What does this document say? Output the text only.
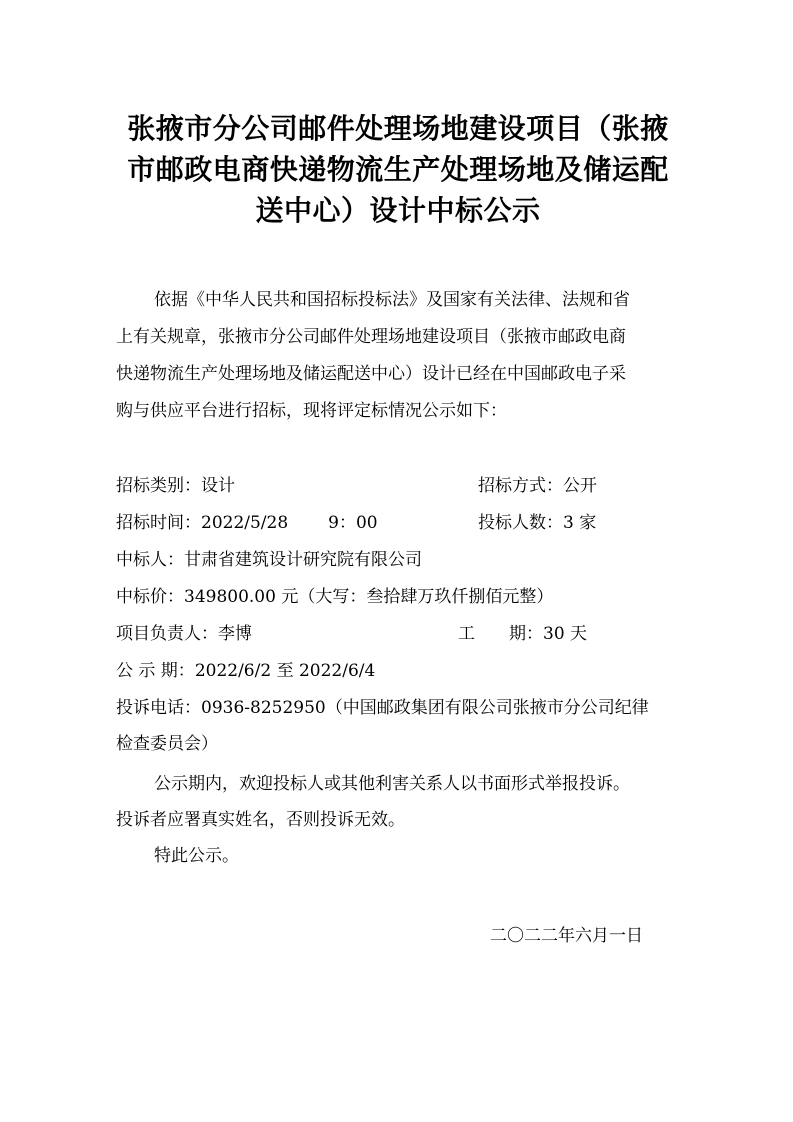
张掖市分公司邮件处理场地建设项目（张掖
市邮政电商快递物流生产处理场地及储运配
送中心）设计中标公示
依据《中华人民共和国招标投标法》及国家有关法律、法规和省
上有关规章，张掖市分公司邮件处理场地建设项目（张掖市邮政电商
快递物流生产处理场地及储运配送中心）设计已经在中国邮政电子采
购与供应平台进行招标，现将评定标情况公示如下：
招标类别：设计	招标方式：公开
招标时间：2022/5/28 9：00	投标人数：3 家
中标人：甘肃省建筑设计研究院有限公司
中标价：349800.00 元（大写：叁拾肆万玖仟捌佰元整）
项目负责人：李博	工　　期：30 天
公 示 期：2022/6/2 至 2022/6/4
投诉电话：0936-8252950（中国邮政集团有限公司张掖市分公司纪律
检查委员会）
公示期内，欢迎投标人或其他利害关系人以书面形式举报投诉。
投诉者应署真实姓名，否则投诉无效。
特此公示。
二〇二二年六月一日
